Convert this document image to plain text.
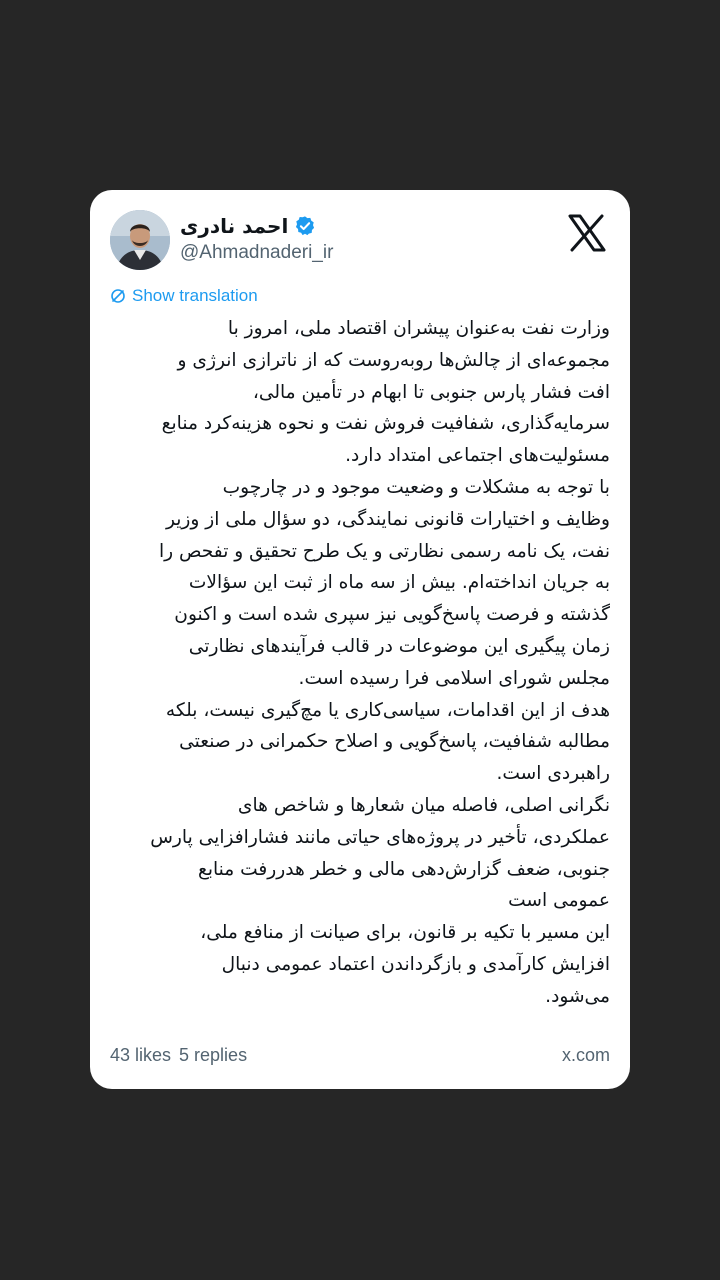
احمد نادری
@Ahmadnaderi_ir
Show translation

وزارت نفت به‌عنوان پیشران اقتصاد ملی، امروز با

مجموعه‌ای از چالش‌ها روبه‌روست که از ناترازی انرژی و

افت فشار پارس جنوبی تا ابهام در تأمین مالی،

سرمایه‌گذاری، شفافیت فروش نفت و نحوه هزینه‌کرد منابع

مسئولیت‌های اجتماعی امتداد دارد.

با توجه به مشکلات و وضعیت موجود و در چارچوب

وظایف و اختیارات قانونی نمایندگی، دو سؤال ملی از وزیر

نفت، یک نامه رسمی نظارتی و یک طرح تحقیق و تفحص را

به جریان انداخته‌ام. بیش از سه ماه از ثبت این سؤالات

گذشته و فرصت پاسخ‌گویی نیز سپری شده است و اکنون

زمان پیگیری این موضوعات در قالب فرآیندهای نظارتی

مجلس شورای اسلامی فرا رسیده است.

هدف از این اقدامات، سیاسی‌کاری یا مچ‌گیری نیست، بلکه

مطالبه شفافیت، پاسخ‌گویی و اصلاح حکمرانی در صنعتی

راهبردی است.

نگرانی اصلی، فاصله میان شعارها و شاخص های

عملکردی، تأخیر در پروژه‌های حیاتی مانند فشارافزایی پارس

جنوبی، ضعف گزارش‌دهی مالی و خطر هدررفت منابع

عمومی است

این مسیر با تکیه بر قانون، برای صیانت از منافع ملی،

افزایش کارآمدی و بازگرداندن اعتماد عمومی دنبال

می‌شود.

43 likes 5 replies	x.com
